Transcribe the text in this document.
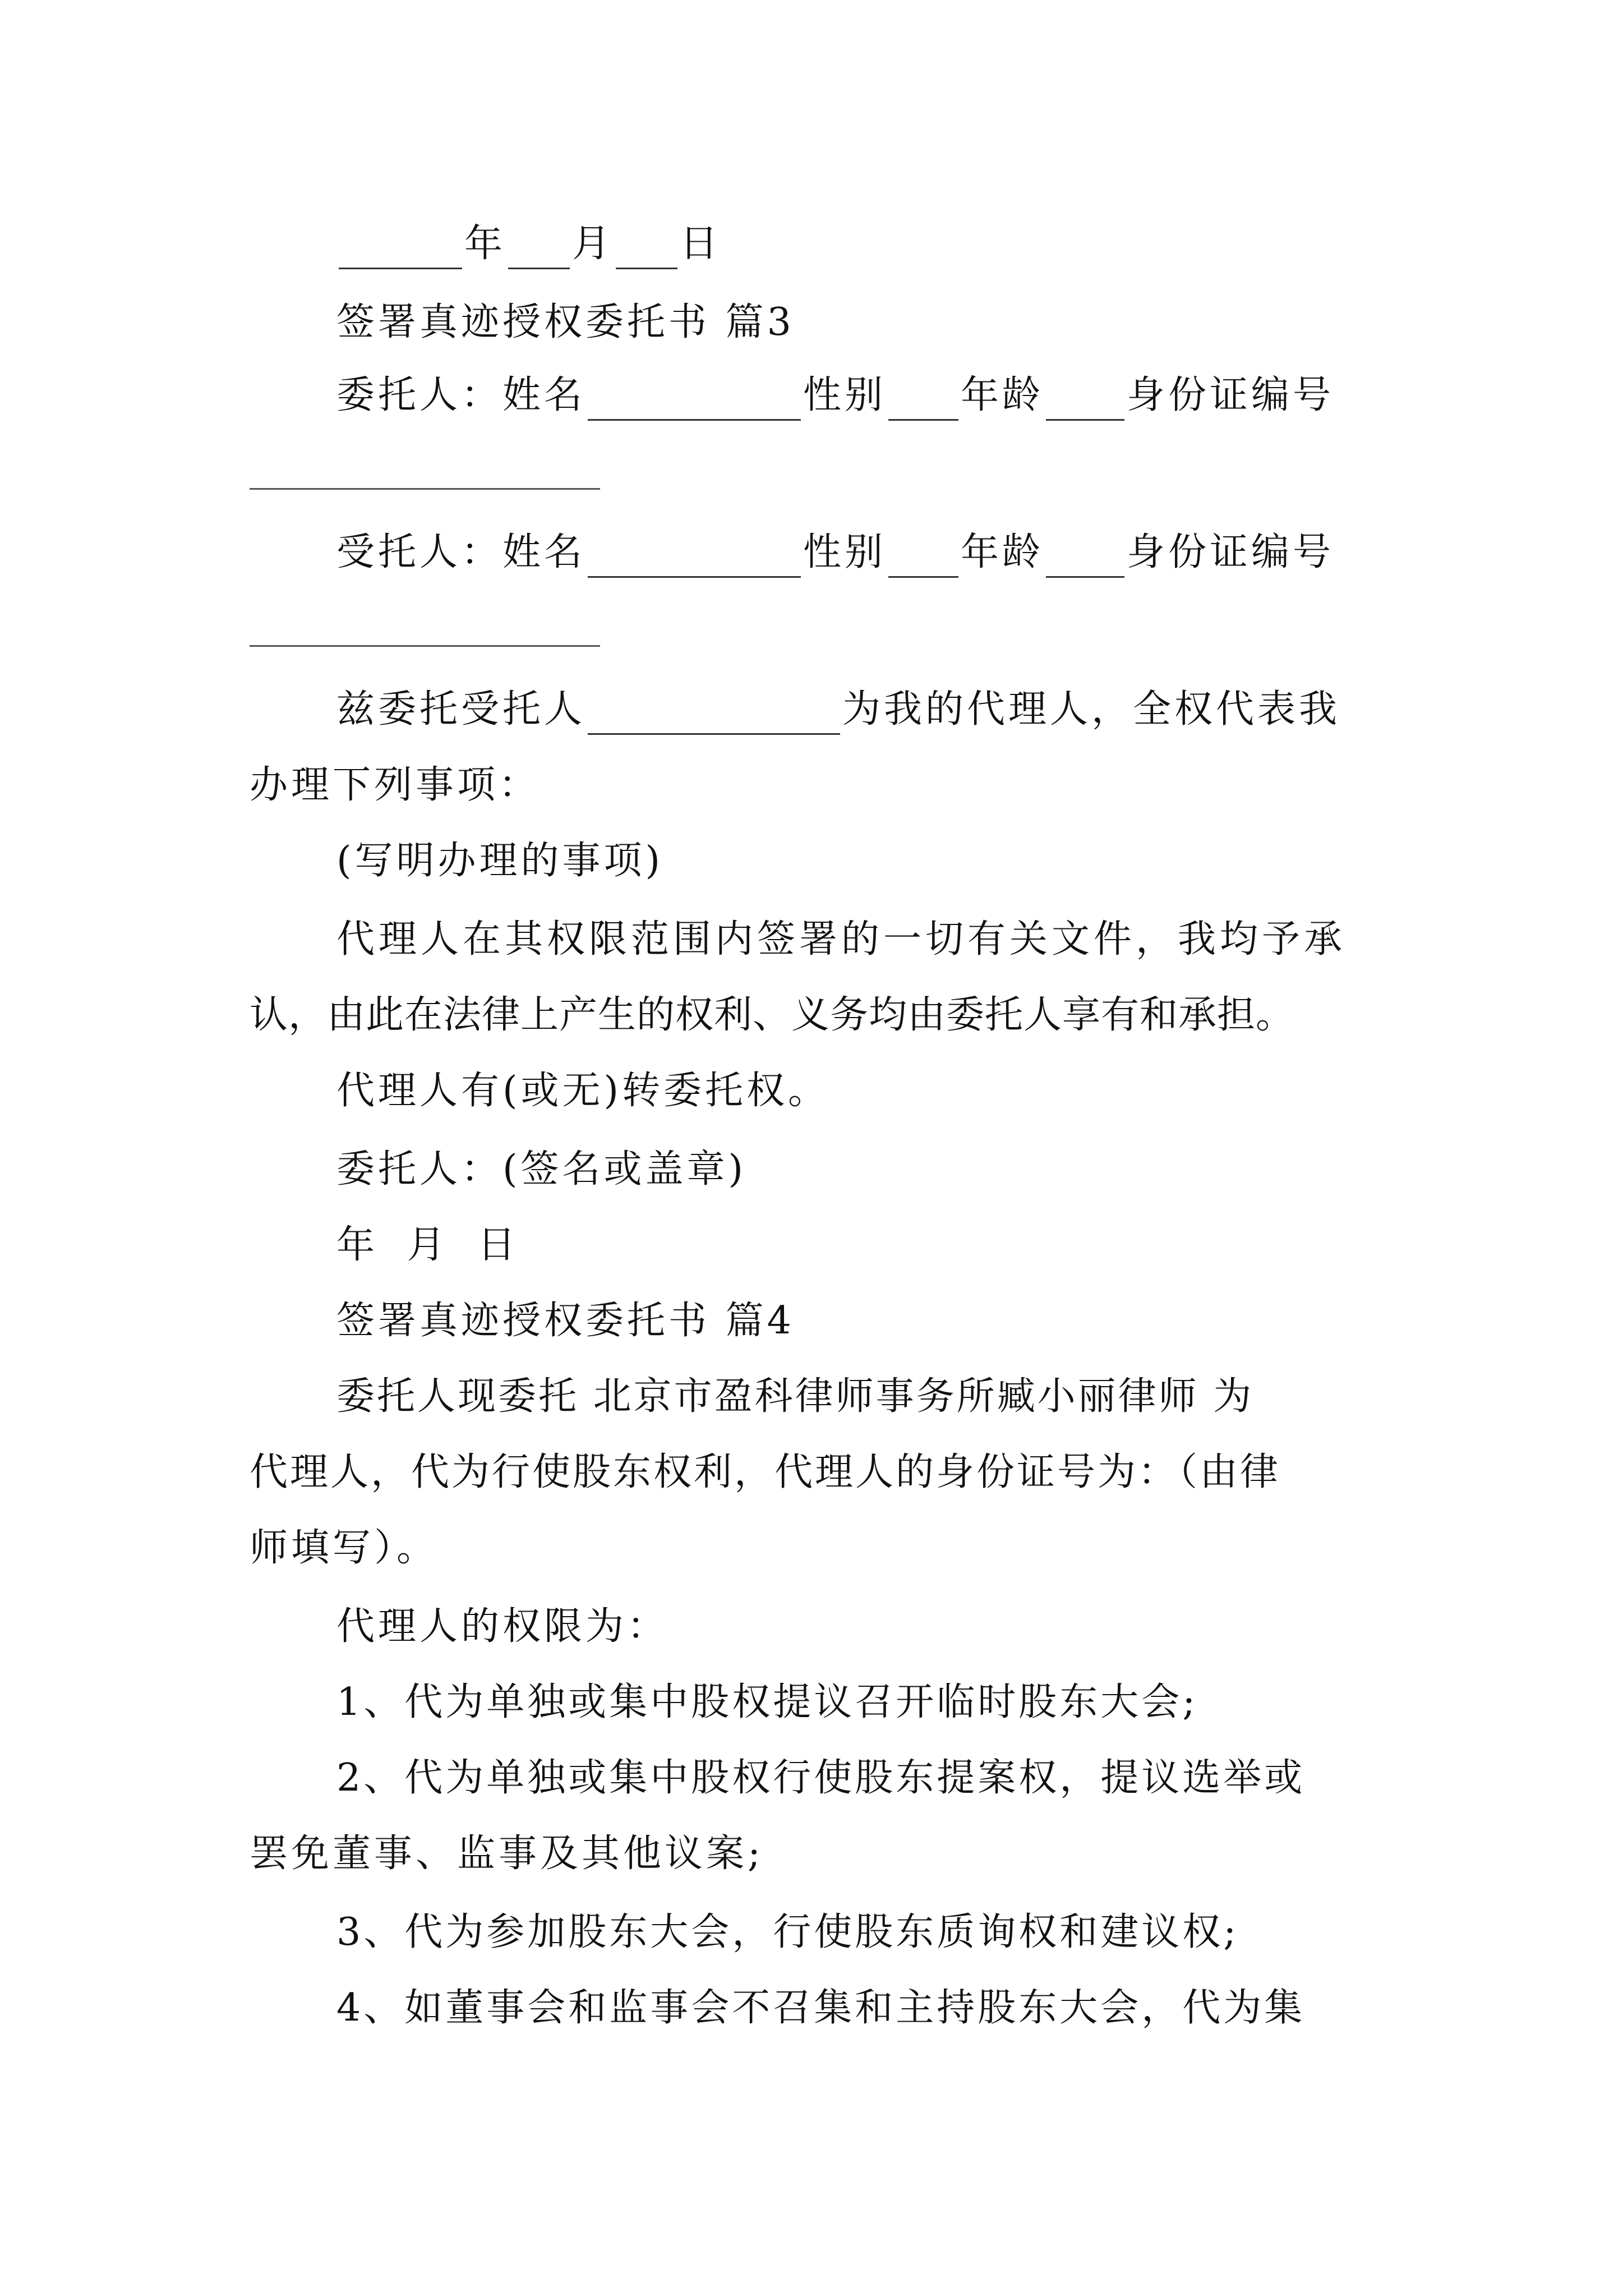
年 月 日
签署真迹授权委托书 篇3
委托人：姓名	性别 年龄 身份证编号
受托人：姓名	性别 年龄 身份证编号
兹委托受托人	为我的代理人，全权代表我
办理下列事项：
(写明办理的事项)
代理人在其权限范围内签署的一切有关文件，我均予承
认，由此在法律上产生的权利、义务均由委托人享有和承担。
代理人有(或无)转委托权。
委托人：(签名或盖章)
年 月 日
签署真迹授权委托书 篇4
委托人现委托 北京市盈科律师事务所臧小丽律师 为
代理人，代为行使股东权利，代理人的身份证号为：（由律
师填写）。
代理人的权限为：
1、代为单独或集中股权提议召开临时股东大会;
2、代为单独或集中股权行使股东提案权，提议选举或
罢免董事、监事及其他议案;
3、代为参加股东大会，行使股东质询权和建议权;
4、如董事会和监事会不召集和主持股东大会，代为集
